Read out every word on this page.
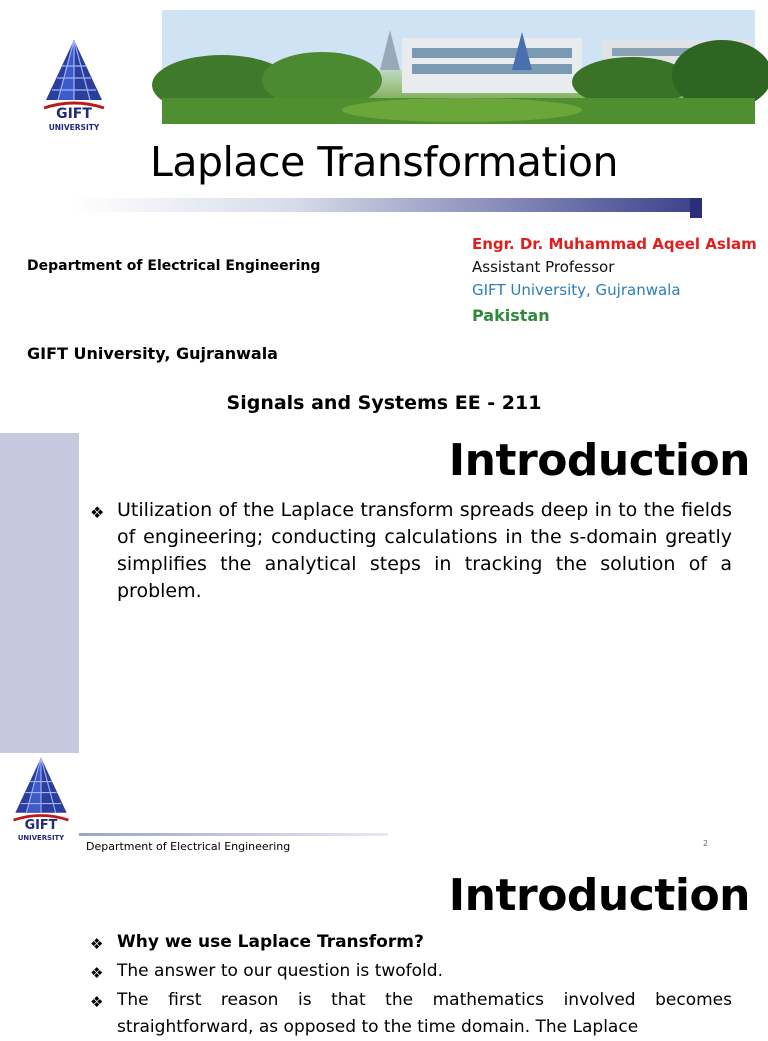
GIFT
UNIVERSITY
Laplace Transformation
Department of Electrical Engineering
Engr. Dr. Muhammad Aqeel Aslam
Assistant Professor
GIFT University, Gujranwala
Pakistan
GIFT University, Gujranwala
Signals and Systems EE - 211
Introduction
❖ Utilization of the Laplace transform spreads deep in to the fields of engineering; conducting calculations in the s-domain greatly simplifies the analytical steps in tracking the solution of a problem.
GIFT
UNIVERSITY
Department of Electrical Engineering	2
Introduction
❖ Why we use Laplace Transform?
❖ The answer to our question is twofold.
❖ The first reason is that the mathematics involved becomes straightforward, as opposed to the time domain. The Laplace
